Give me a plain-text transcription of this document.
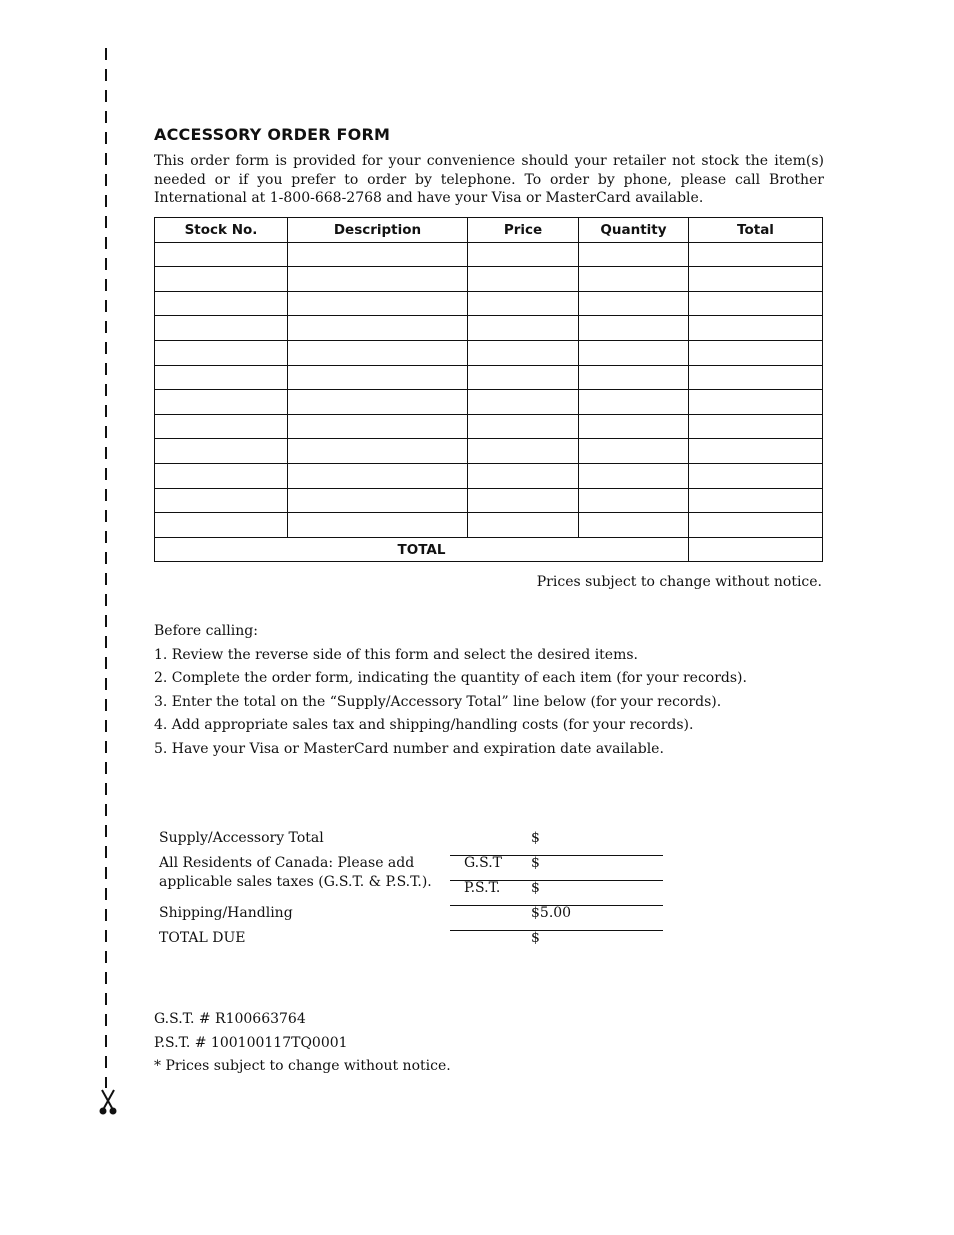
ACCESSORY ORDER FORM
This order form is provided for your convenience should your retailer not stock the item(s) needed or if you prefer to order by telephone. To order by phone, please call Brother International at 1-800-668-2768 and have your Visa or MasterCard available.
Stock No.	Description	Price	Quantity	Total

TOTAL				
Prices subject to change without notice.
Before calling:
1. Review the reverse side of this form and select the desired items.
2. Complete the order form, indicating the quantity of each item (for your records).
3. Enter the total on the “Supply/Accessory Total” line below (for your records).
4. Add appropriate sales tax and shipping/handling costs (for your records).
5. Have your Visa or MasterCard number and expiration date available.
Supply/Accessory Total	$
All Residents of Canada: Please add
applicable sales taxes (G.S.T. & P.S.T.).
G.S.T $
P.S.T. $
Shipping/Handling	$5.00
TOTAL DUE	$
G.S.T. # R100663764
P.S.T. # 100100117TQ0001
* Prices subject to change without notice.
